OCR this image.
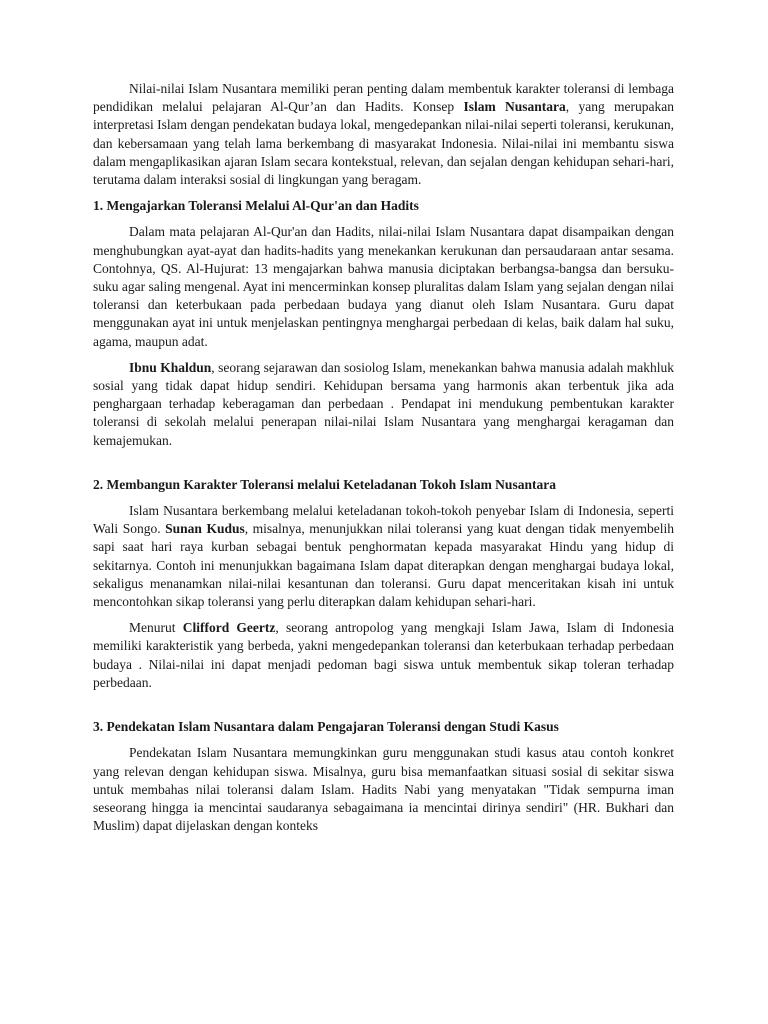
Nilai-nilai Islam Nusantara memiliki peran penting dalam membentuk karakter toleransi di lembaga pendidikan melalui pelajaran Al-Qur’an dan Hadits. Konsep Islam Nusantara, yang merupakan interpretasi Islam dengan pendekatan budaya lokal, mengedepankan nilai-nilai seperti toleransi, kerukunan, dan kebersamaan yang telah lama berkembang di masyarakat Indonesia. Nilai-nilai ini membantu siswa dalam mengaplikasikan ajaran Islam secara kontekstual, relevan, dan sejalan dengan kehidupan sehari-hari, terutama dalam interaksi sosial di lingkungan yang beragam.

1. Mengajarkan Toleransi Melalui Al-Qur'an dan Hadits

Dalam mata pelajaran Al-Qur'an dan Hadits, nilai-nilai Islam Nusantara dapat disampaikan dengan menghubungkan ayat-ayat dan hadits-hadits yang menekankan kerukunan dan persaudaraan antar sesama. Contohnya, QS. Al-Hujurat: 13 mengajarkan bahwa manusia diciptakan berbangsa-bangsa dan bersuku-suku agar saling mengenal. Ayat ini mencerminkan konsep pluralitas dalam Islam yang sejalan dengan nilai toleransi dan keterbukaan pada perbedaan budaya yang dianut oleh Islam Nusantara. Guru dapat menggunakan ayat ini untuk menjelaskan pentingnya menghargai perbedaan di kelas, baik dalam hal suku, agama, maupun adat.

Ibnu Khaldun, seorang sejarawan dan sosiolog Islam, menekankan bahwa manusia adalah makhluk sosial yang tidak dapat hidup sendiri. Kehidupan bersama yang harmonis akan terbentuk jika ada penghargaan terhadap keberagaman dan perbedaan . Pendapat ini mendukung pembentukan karakter toleransi di sekolah melalui penerapan nilai-nilai Islam Nusantara yang menghargai keragaman dan kemajemukan.

2. Membangun Karakter Toleransi melalui Keteladanan Tokoh Islam Nusantara

Islam Nusantara berkembang melalui keteladanan tokoh-tokoh penyebar Islam di Indonesia, seperti Wali Songo. Sunan Kudus, misalnya, menunjukkan nilai toleransi yang kuat dengan tidak menyembelih sapi saat hari raya kurban sebagai bentuk penghormatan kepada masyarakat Hindu yang hidup di sekitarnya. Contoh ini menunjukkan bagaimana Islam dapat diterapkan dengan menghargai budaya lokal, sekaligus menanamkan nilai-nilai kesantunan dan toleransi. Guru dapat menceritakan kisah ini untuk mencontohkan sikap toleransi yang perlu diterapkan dalam kehidupan sehari-hari.

Menurut Clifford Geertz, seorang antropolog yang mengkaji Islam Jawa, Islam di Indonesia memiliki karakteristik yang berbeda, yakni mengedepankan toleransi dan keterbukaan terhadap perbedaan budaya . Nilai-nilai ini dapat menjadi pedoman bagi siswa untuk membentuk sikap toleran terhadap perbedaan.

3. Pendekatan Islam Nusantara dalam Pengajaran Toleransi dengan Studi Kasus

Pendekatan Islam Nusantara memungkinkan guru menggunakan studi kasus atau contoh konkret yang relevan dengan kehidupan siswa. Misalnya, guru bisa memanfaatkan situasi sosial di sekitar siswa untuk membahas nilai toleransi dalam Islam. Hadits Nabi yang menyatakan "Tidak sempurna iman seseorang hingga ia mencintai saudaranya sebagaimana ia mencintai dirinya sendiri" (HR. Bukhari dan Muslim) dapat dijelaskan dengan konteks
